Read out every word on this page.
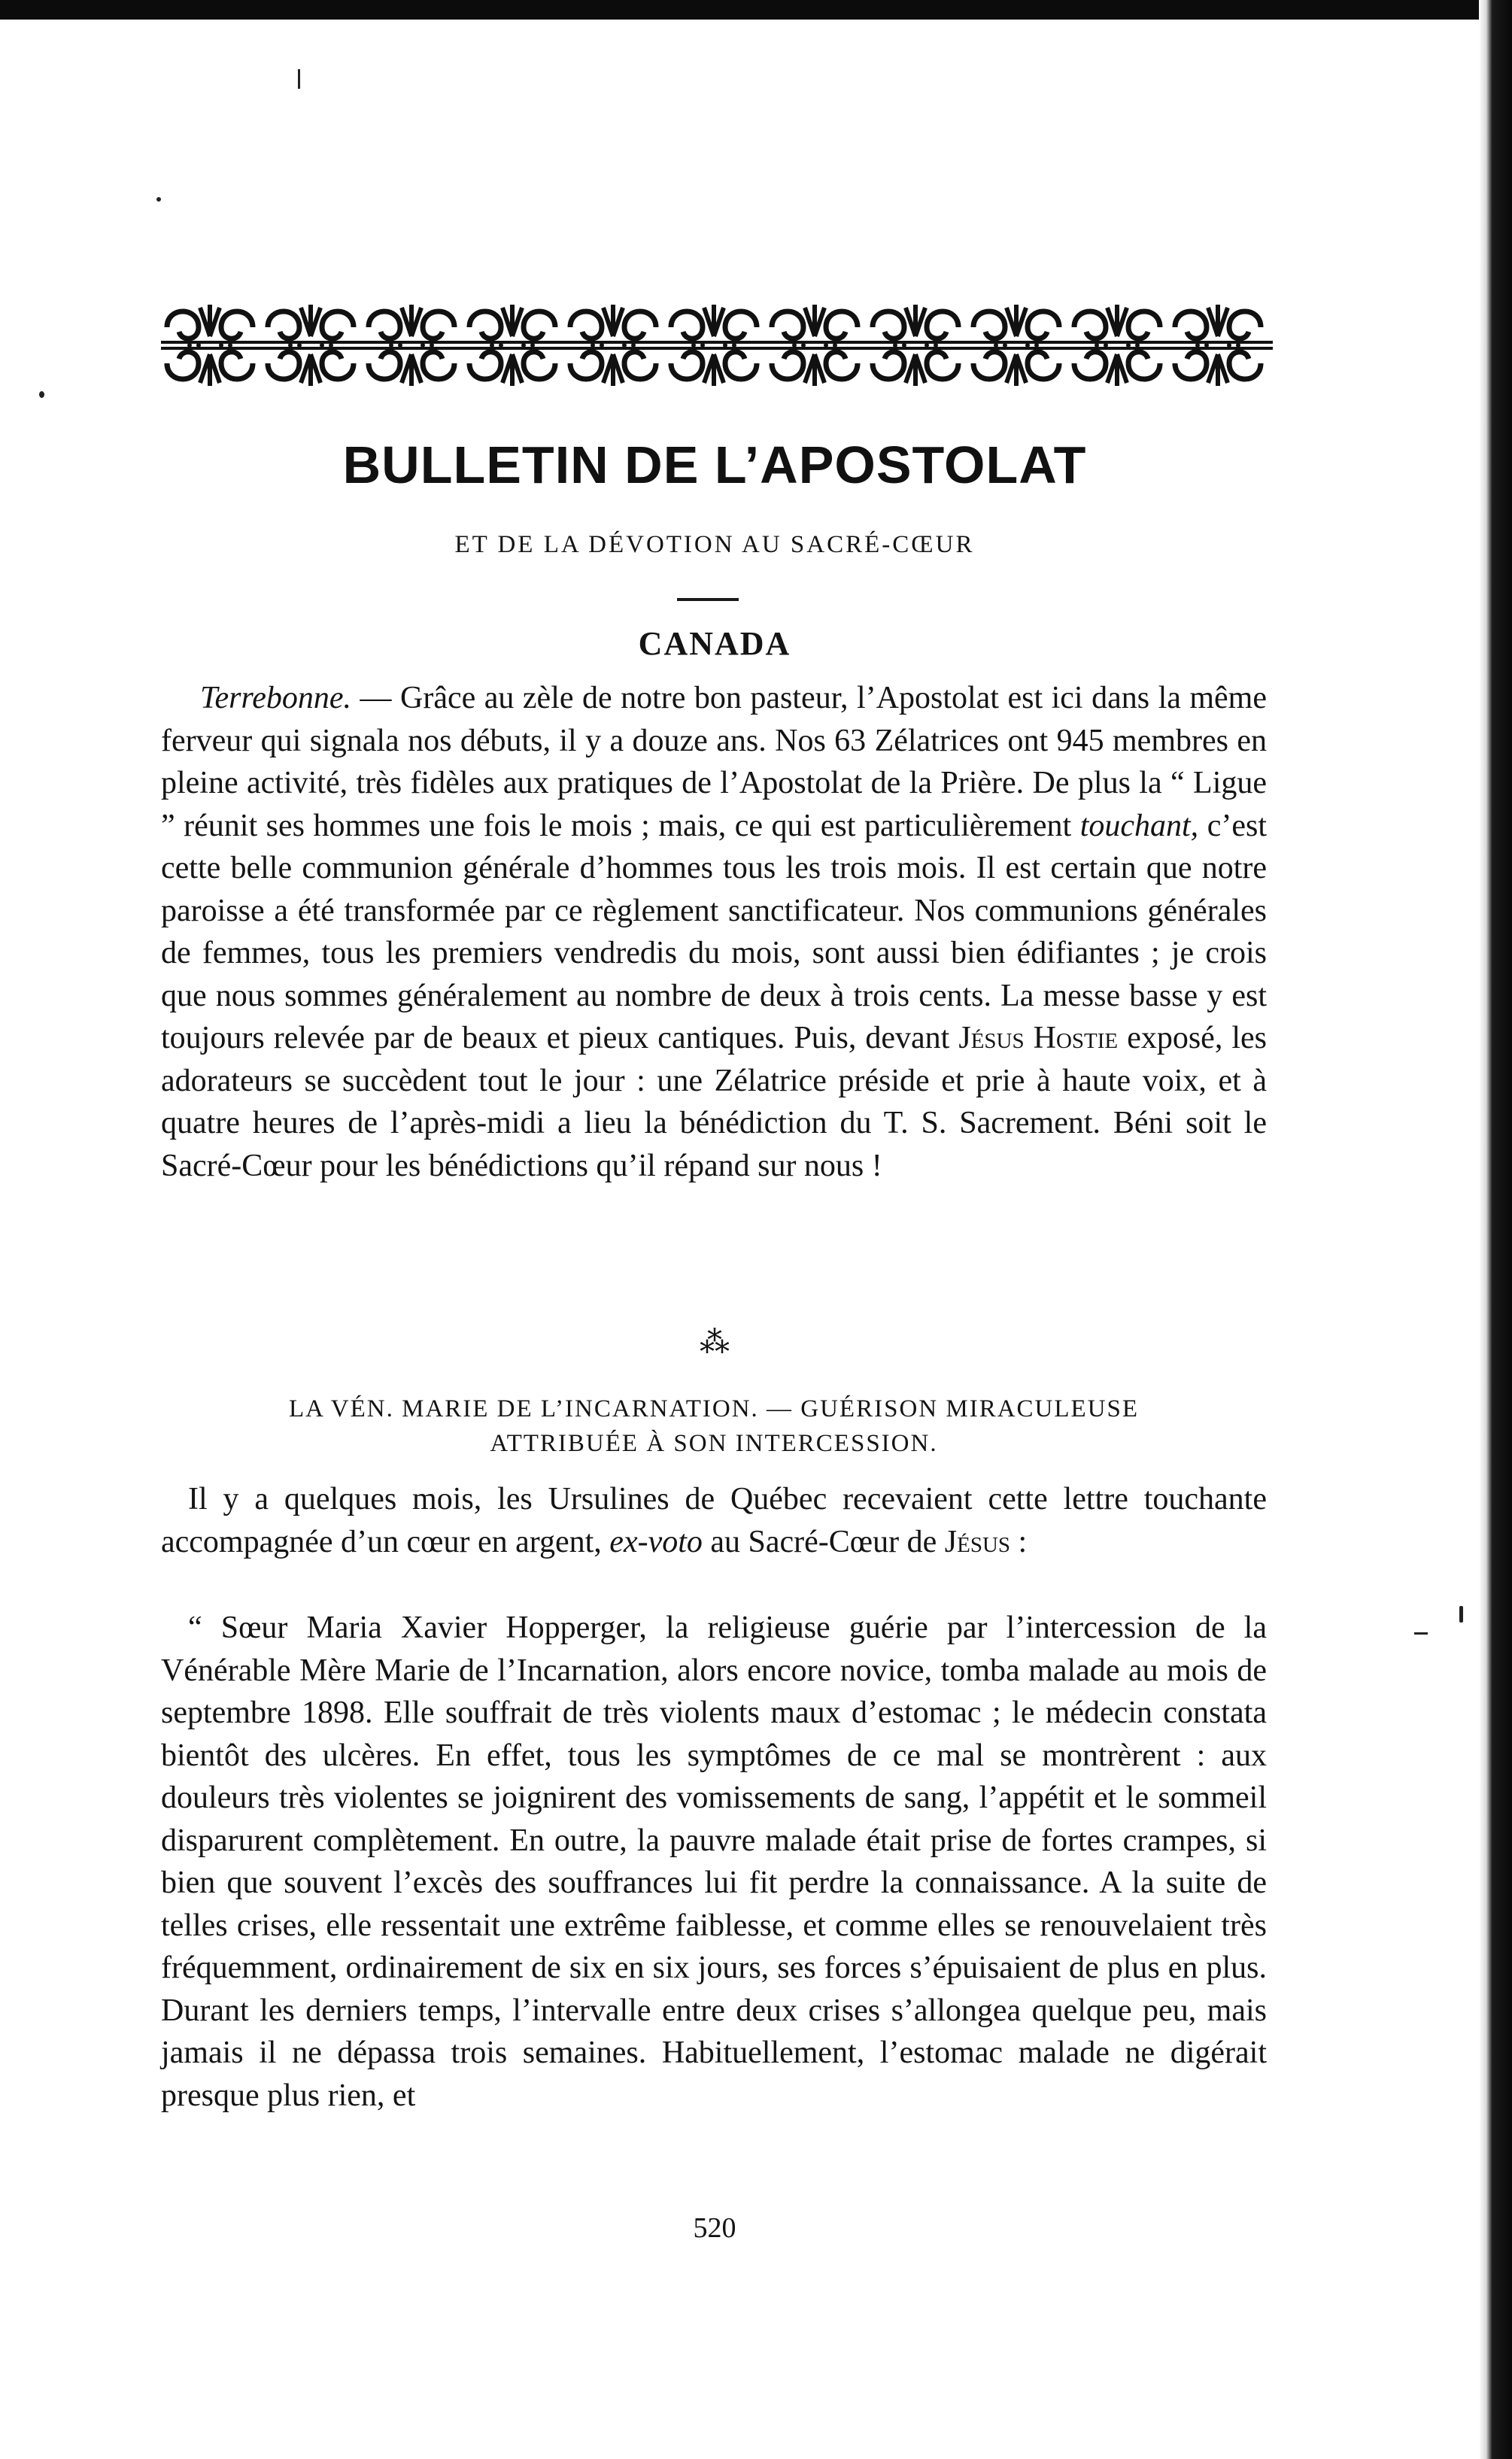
BULLETIN DE L’APOSTOLAT

ET DE LA DÉVOTION AU SACRÉ-CŒUR

CANADA

Terrebonne. — Grâce au zèle de notre bon pasteur, l’Apostolat est ici dans la même ferveur qui signala nos débuts, il y a douze ans. Nos 63 Zélatrices ont 945 membres en pleine activité, très fidèles aux pratiques de l’Apostolat de la Prière. De plus la “ Ligue ” réunit ses hommes une fois le mois ; mais, ce qui est particulièrement touchant, c’est cette belle communion générale d’hommes tous les trois mois. Il est certain que notre paroisse a été transformée par ce règlement sanctificateur. Nos communions générales de femmes, tous les premiers vendredis du mois, sont aussi bien édifiantes ; je crois que nous sommes généralement au nombre de deux à trois cents. La messe basse y est toujours relevée par de beaux et pieux cantiques. Puis, devant Jésus Hostie exposé, les adorateurs se succèdent tout le jour : une Zélatrice préside et prie à haute voix, et à quatre heures de l’après-midi a lieu la bénédiction du T. S. Sacrement. Béni soit le Sacré-Cœur pour les bénédictions qu’il répand sur nous !

⁂

LA VÉN. MARIE DE L’INCARNATION. — GUÉRISON MIRACULEUSE
ATTRIBUÉE À SON INTERCESSION.

Il y a quelques mois, les Ursulines de Québec recevaient cette lettre touchante accompagnée d’un cœur en argent, ex-voto au Sacré-Cœur de Jésus :

“ Sœur Maria Xavier Hopperger, la religieuse guérie par l’intercession de la Vénérable Mère Marie de l’Incarnation, alors encore novice, tomba malade au mois de septembre 1898. Elle souffrait de très violents maux d’estomac ; le médecin constata bientôt des ulcères. En effet, tous les symptômes de ce mal se montrèrent : aux douleurs très violentes se joignirent des vomissements de sang, l’appétit et le sommeil disparurent complètement. En outre, la pauvre malade était prise de fortes crampes, si bien que souvent l’excès des souffrances lui fit perdre la connaissance. A la suite de telles crises, elle ressentait une extrême faiblesse, et comme elles se renouvelaient très fréquemment, ordinairement de six en six jours, ses forces s’épuisaient de plus en plus. Durant les derniers temps, l’intervalle entre deux crises s’allongea quelque peu, mais jamais il ne dépassa trois semaines. Habituellement, l’estomac malade ne digérait presque plus rien, et

520
